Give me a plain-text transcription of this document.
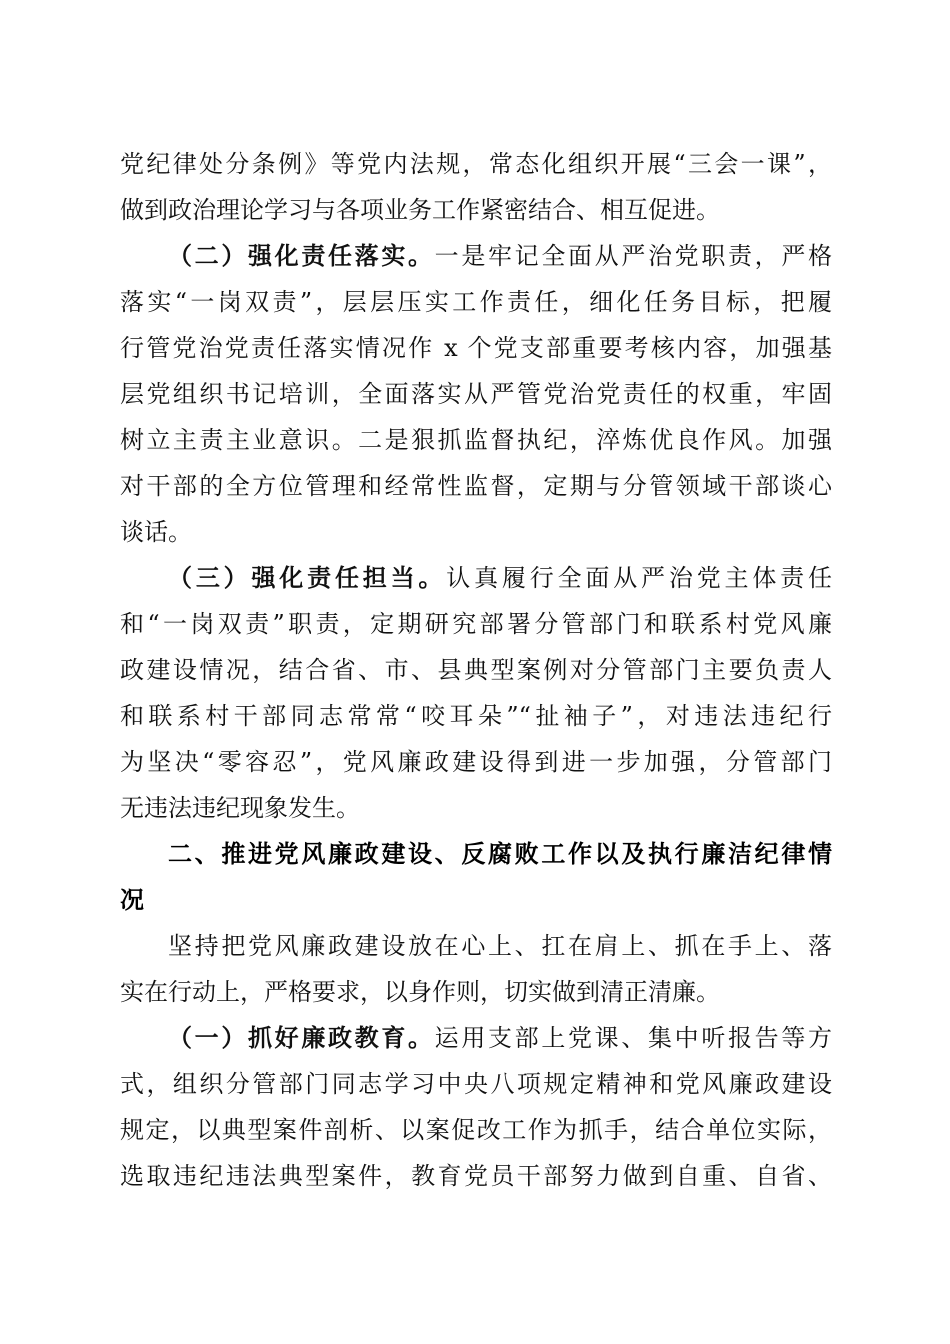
党纪律处分条例》等党内法规，常态化组织开展“三会一课”，
做到政治理论学习与各项业务工作紧密结合、相互促进。
（二）强化责任落实。一是牢记全面从严治党职责，严格
落实“一岗双责”，层层压实工作责任，细化任务目标，把履
行管党治党责任落实情况作 x 个党支部重要考核内容，加强基
层党组织书记培训，全面落实从严管党治党责任的权重，牢固
树立主责主业意识。二是狠抓监督执纪，淬炼优良作风。加强
对干部的全方位管理和经常性监督，定期与分管领域干部谈心
谈话。
（三）强化责任担当。认真履行全面从严治党主体责任
和“一岗双责”职责，定期研究部署分管部门和联系村党风廉
政建设情况，结合省、市、县典型案例对分管部门主要负责人
和联系村干部同志常常“咬耳朵”“扯袖子”，对违法违纪行
为坚决“零容忍”，党风廉政建设得到进一步加强，分管部门
无违法违纪现象发生。
二、推进党风廉政建设、反腐败工作以及执行廉洁纪律情
况
坚持把党风廉政建设放在心上、扛在肩上、抓在手上、落
实在行动上，严格要求，以身作则，切实做到清正清廉。
（一）抓好廉政教育。运用支部上党课、集中听报告等方
式，组织分管部门同志学习中央八项规定精神和党风廉政建设
规定，以典型案件剖析、以案促改工作为抓手，结合单位实际，
选取违纪违法典型案件，教育党员干部努力做到自重、自省、
